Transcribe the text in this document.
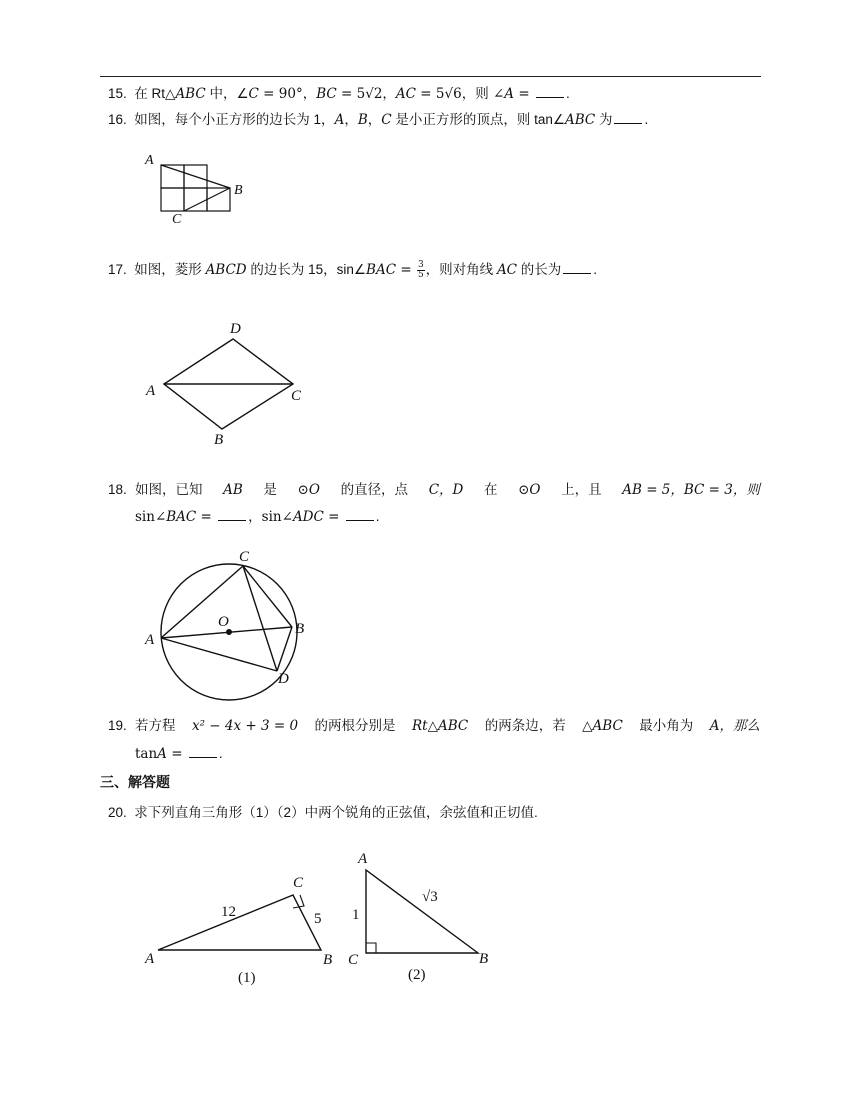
15. 在 Rt△ABC 中，∠C = 90°，BC = 5√2，AC = 5√6，则 ∠A = .
16. 如图，每个小正方形的边长为 1，A，B，C 是小正方形的顶点，则 tan∠ABC 为 .
A
B
C
17. 如图，菱形 ABCD 的边长为 15，sin∠BAC = $\frac{3}{5}$ ，则对角线 AC 的长为 .
A
B
C
D
18. 如图，已知 AB 是 ⊙O 的直径，点 C，D 在 ⊙O 上，且 AB = 5，BC = 3，则
sin∠BAC = ，sin∠ADC = .
A
B
C
D
O
19. 若方程 x² − 4x + 3 = 0 的两根分别是 Rt△ABC 的两条边，若 △ABC 最小角为 A，那么
tanA = .
三、解答题
20. 求下列直角三角形（1）（2）中两个锐角的正弦值，余弦值和正切值.
A	B
C
12	5
(1)
A
B
C
1
√3
(2)
